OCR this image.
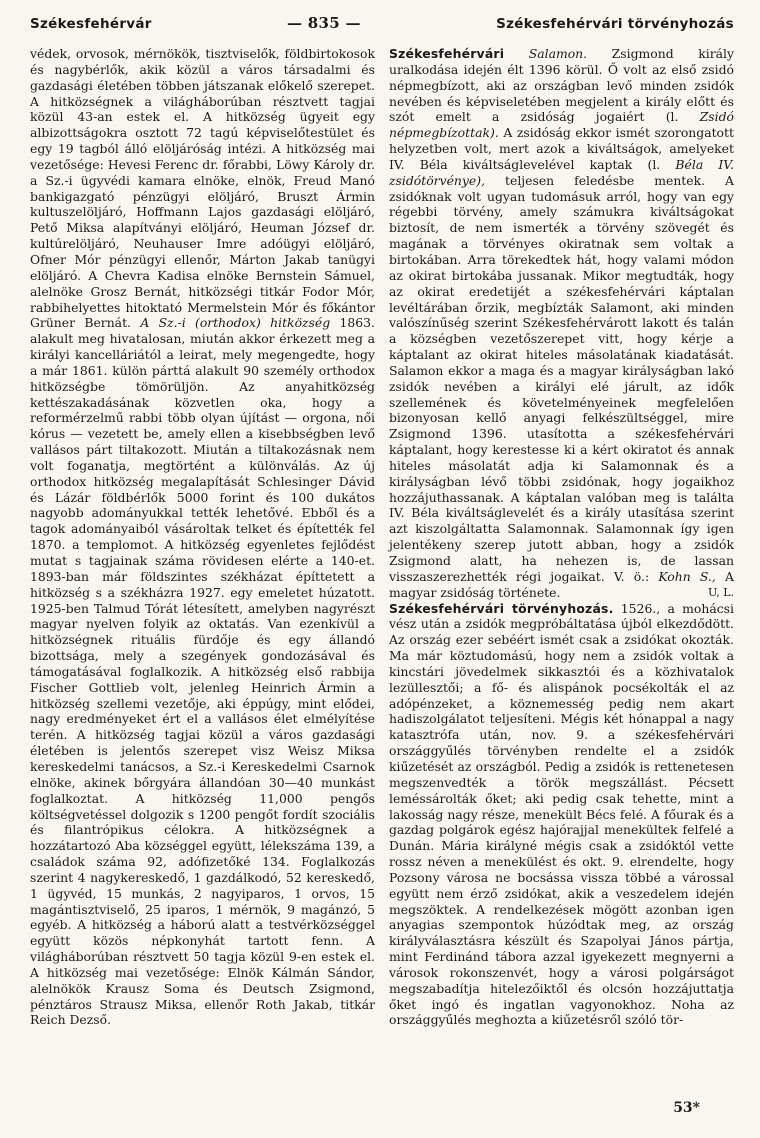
Székesfehérvár	— 835 —	Székesfehérvári törvényhozás

védek, orvosok, mérnökök, tisztviselők, földbirtokosok és nagybérlők, akik közül a város társadalmi és gazdasági életében többen játszanak előkelő szerepet. A hitközségnek a világháborúban résztvett tagjai közül 43-an estek el. A hitközség ügyeit egy albizottságokra osztott 72 tagú képviselőtestület és egy 19 tagból álló elöljáróság intézi. A hitközség mai vezetősége: Hevesi Ferenc dr. főrabbi, Löwy Károly dr. a Sz.-i ügyvédi kamara elnöke, elnök, Freud Manó bankigazgató pénzügyi elöljáró, Bruszt Ármin kultuszelöljáró, Hoffmann Lajos gazdasági elöljáró, Pető Miksa alapítványi elöljáró, Heuman József dr. kultúrelöljáró, Neuhauser Imre adóügyi elöljáró, Ofner Mór pénzügyi ellenőr, Márton Jakab tanügyi elöljáró. A Chevra Kadisa elnöke Bernstein Sámuel, alelnöke Grosz Bernát, hitközségi titkár Fodor Mór, rabbihelyettes hitoktató Mermelstein Mór és főkántor Grüner Bernát. A Sz.-i (orthodox) hitközség 1863. alakult meg hivatalosan, miután akkor érkezett meg a királyi kancelláriától a leirat, mely megengedte, hogy a már 1861. külön párttá alakult 90 személy orthodox hitközségbe tömörüljön. Az anyahitközség kettészakadásának közvetlen oka, hogy a reformérzelmű rabbi több olyan újítást — orgona, női kórus — vezetett be, amely ellen a kisebbségben levő vallásos párt tiltakozott. Miután a tiltakozásnak nem volt foganatja, megtörtént a különválás. Az új orthodox hitközség megalapítását Schlesinger Dávid és Lázár földbérlők 5000 forint és 100 dukátos nagyobb adományukkal tették lehetővé. Ebből és a tagok adományaiból vásároltak telket és építették fel 1870. a templomot. A hitközség egyenletes fejlődést mutat s tagjainak száma rövidesen elérte a 140-et. 1893-ban már földszintes székházat építtetett a hitközség s a székházra 1927. egy emeletet húzatott. 1925-ben Talmud Tórát létesített, amelyben nagyrészt magyar nyelven folyik az oktatás. Van ezenkívül a hitközségnek rituális fürdője és egy állandó bizottsága, mely a szegények gondozásával és támogatásával foglalkozik. A hitközség első rabbija Fischer Gottlieb volt, jelenleg Heinrich Ármin a hitközség szellemi vezetője, aki éppúgy, mint elődei, nagy eredményeket ért el a vallásos élet elmélyítése terén. A hitközség tagjai közül a város gazdasági életében is jelentős szerepet visz Weisz Miksa kereskedelmi tanácsos, a Sz.-i Kereskedelmi Csarnok elnöke, akinek bőrgyára állandóan 30—40 munkást foglalkoztat. A hitközség 11,000 pengős költségvetéssel dolgozik s 1200 pengőt fordít szociális és filantrópikus célokra. A hitközségnek a hozzátartozó Aba községgel együtt, lélekszáma 139, a családok száma 92, adófizetőké 134. Foglalkozás szerint 4 nagykereskedő, 1 gazdálkodó, 52 kereskedő, 1 ügyvéd, 15 munkás, 2 nagyiparos, 1 orvos, 15 magántisztviselő, 25 iparos, 1 mérnök, 9 magánzó, 5 egyéb. A hitközség a háború alatt a testvérközséggel együtt közös népkonyhát tartott fenn. A világháborúban résztvett 50 tagja közül 9-en estek el. A hitközség mai vezetősége: Elnök Kálmán Sándor, alelnökök Krausz Soma és Deutsch Zsigmond, pénztáros Strausz Miksa, ellenőr Roth Jakab, titkár Reich Dezső.

Székesfehérvári Salamon. Zsigmond király uralkodása idején élt 1396 körül. Ő volt az első zsidó népmegbízott, aki az országban levő minden zsidók nevében és képviseletében megjelent a király előtt és szót emelt a zsidóság jogaiért (l. Zsidó népmegbízottak). A zsidóság ekkor ismét szorongatott helyzetben volt, mert azok a kiváltságok, amelyeket IV. Béla kiváltságlevelével kaptak (l. Béla IV. zsidótörvénye), teljesen feledésbe mentek. A zsidóknak volt ugyan tudomásuk arról, hogy van egy régebbi törvény, amely számukra kiváltságokat biztosít, de nem ismerték a törvény szövegét és magának a törvényes okiratnak sem voltak a birtokában. Arra törekedtek hát, hogy valami módon az okirat birtokába jussanak. Mikor megtudták, hogy az okirat eredetijét a székesfehérvári káptalan levéltárában őrzik, megbízták Salamont, aki minden valószínűség szerint Székesfehérvárott lakott és talán a községben vezetőszerepet vitt, hogy kérje a káptalant az okirat hiteles másolatának kiadatását. Salamon ekkor a maga és a magyar királyságban lakó zsidók nevében a királyi elé járult, az idők szellemének és követelményeinek megfelelően bizonyosan kellő anyagi felkészültséggel, mire Zsigmond 1396. utasította a székesfehérvári káptalant, hogy kerestesse ki a kért okiratot és annak hiteles másolatát adja ki Salamonnak és a királyságban lévő többi zsidónak, hogy jogaikhoz hozzájuthassanak. A káptalan valóban meg is találta IV. Béla kiváltságlevelét és a király utasítása szerint azt kiszolgáltatta Salamonnak. Salamonnak így igen jelentékeny szerep jutott abban, hogy a zsidók Zsigmond alatt, ha nehezen is, de lassan visszaszerezhették régi jogaikat. V. ö.: Kohn S., A magyar zsidóság története.	U, L.

Székesfehérvári törvényhozás. 1526., a mohácsi vész után a zsidók megpróbáltatása újból elkezdődött. Az ország ezer sebéért ismét csak a zsidókat okozták. Ma már köztudomású, hogy nem a zsidók voltak a kincstári jövedelmek sikkasztói és a közhivatalok lezüllesztői; a fő- és alispánok pocsékolták el az adópénzeket, a köznemesség pedig nem akart hadiszolgálatot teljesíteni. Mégis két hónappal a nagy katasztrófa után, nov. 9. a székesfehérvári országgyűlés törvényben rendelte el a zsidók kiűzetését az országból. Pedig a zsidók is rettenetesen megszenvedték a török megszállást. Pécsett leméssárolták őket; aki pedig csak tehette, mint a lakosság nagy része, menekült Bécs felé. A főurak és a gazdag polgárok egész hajórajjal menekültek felfelé a Dunán. Mária királyné mégis csak a zsidóktól vette rossz néven a menekülést és okt. 9. elrendelte, hogy Pozsony városa ne bocsássa vissza többé a várossal együtt nem érző zsidókat, akik a veszedelem idején megszöktek. A rendelkezések mögött azonban igen anyagias szempontok húzódtak meg, az ország királyválasztásra készült és Szapolyai János pártja, mint Ferdinánd tábora azzal igyekezett megnyerni a városok rokonszenvét, hogy a városi polgárságot megszabadítja hitelezőiktől és olcsón hozzájuttatja őket ingó és ingatlan vagyonokhoz. Noha az országgyűlés meghozta a kiűzetésről szóló tör-

53*
